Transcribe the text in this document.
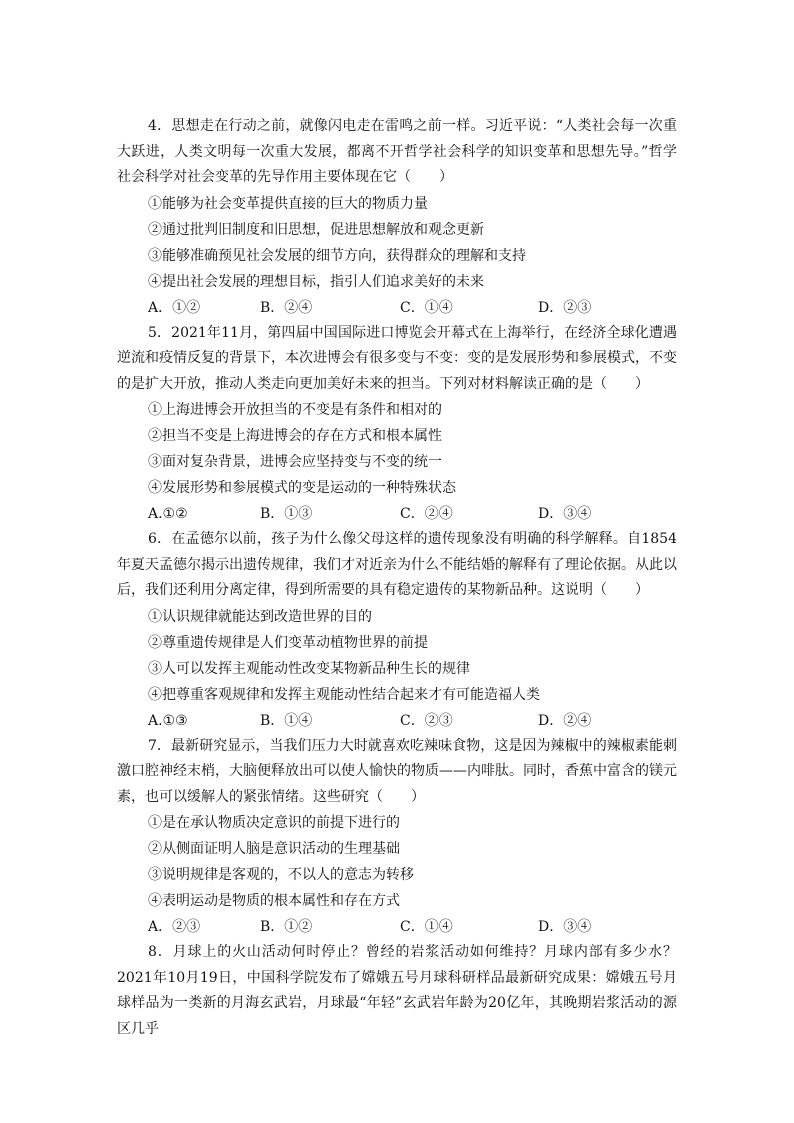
4．思想走在行动之前，就像闪电走在雷鸣之前一样。习近平说：“人类社会每一次重大跃进，人类文明每一次重大发展，都离不开哲学社会科学的知识变革和思想先导。”哲学社会科学对社会变革的先导作用主要体现在它（　　）

①能够为社会变革提供直接的巨大的物质力量
②通过批判旧制度和旧思想，促进思想解放和观念更新
③能够准确预见社会发展的细节方向，获得群众的理解和支持
④提出社会发展的理想目标，指引人们追求美好的未来
A．①②	B．②④	C．①④	D．②③

5．2021年11月，第四届中国国际进口博览会开幕式在上海举行，在经济全球化遭遇逆流和疫情反复的背景下，本次进博会有很多变与不变：变的是发展形势和参展模式，不变的是扩大开放，推动人类走向更加美好未来的担当。下列对材料解读正确的是（　　）

①上海进博会开放担当的不变是有条件和相对的
②担当不变是上海进博会的存在方式和根本属性
③面对复杂背景，进博会应坚持变与不变的统一
④发展形势和参展模式的变是运动的一种特殊状态
A.①②	B．①③	C．②④	D．③④

6．在孟德尔以前，孩子为什么像父母这样的遗传现象没有明确的科学解释。自1854年夏天孟德尔揭示出遗传规律，我们才对近亲为什么不能结婚的解释有了理论依据。从此以后，我们还利用分离定律，得到所需要的具有稳定遗传的某物新品种。这说明（　　）

①认识规律就能达到改造世界的目的
②尊重遗传规律是人们变革动植物世界的前提
③人可以发挥主观能动性改变某物新品种生长的规律
④把尊重客观规律和发挥主观能动性结合起来才有可能造福人类
A.①③	B．①④	C．②③	D．②④

7．最新研究显示，当我们压力大时就喜欢吃辣味食物，这是因为辣椒中的辣椒素能刺激口腔神经末梢，大脑便释放出可以使人愉快的物质——内啡肽。同时，香蕉中富含的镁元素，也可以缓解人的紧张情绪。这些研究（　　）

①是在承认物质决定意识的前提下进行的
②从侧面证明人脑是意识活动的生理基础
③说明规律是客观的，不以人的意志为转移
④表明运动是物质的根本属性和存在方式
A．②③	B．①②	C．①④	D．③④

8．月球上的火山活动何时停止？曾经的岩浆活动如何维持？月球内部有多少水？2021年10月19日，中国科学院发布了嫦娥五号月球科研样品最新研究成果：嫦娥五号月球样品为一类新的月海玄武岩，月球最“年轻”玄武岩年龄为20亿年，其晚期岩浆活动的源区几乎
